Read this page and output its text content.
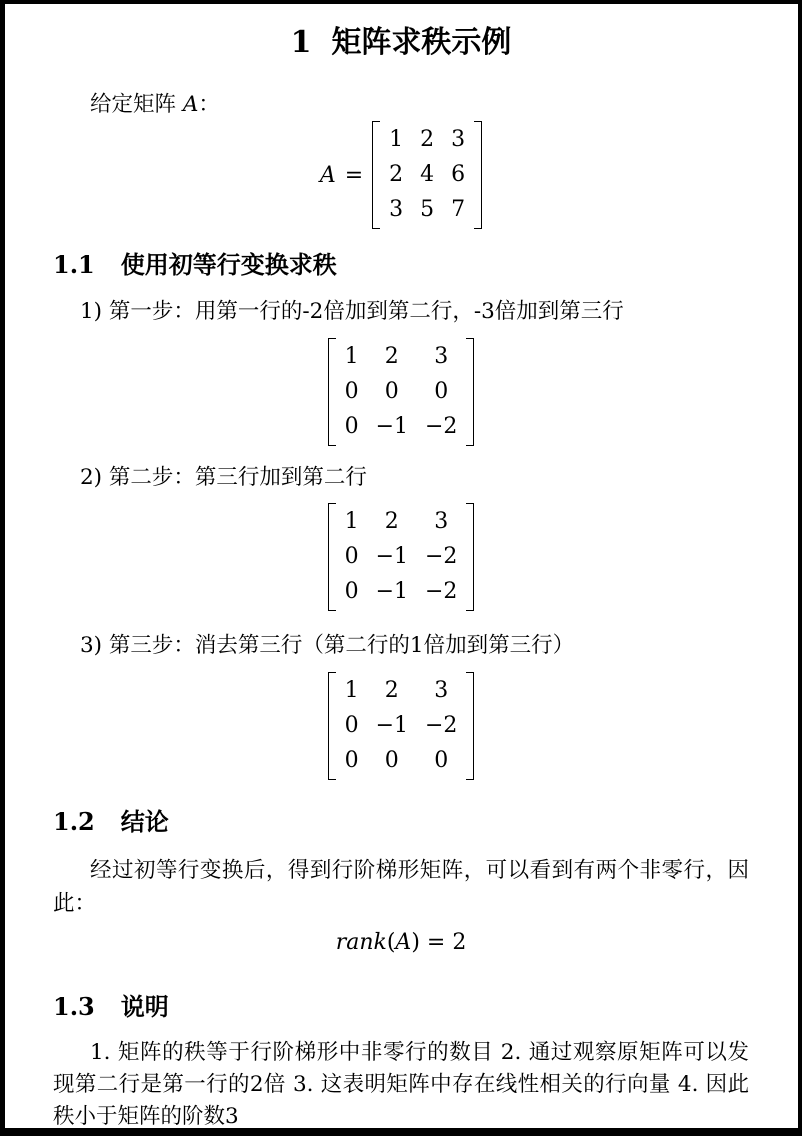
1 矩阵求秩示例

给定矩阵 A：

A =
1 2 3
2 4 6
3 5 7
1.1 使用初等行变换求秩

1) 第一步：用第一行的-2倍加到第二行，-3倍加到第三行

1	2	3
0	0	0
0 −1 −2

2) 第二步：第三行加到第二行

1	2	3
0 −1 −2
0 −1 −2

3) 第三步：消去第三行（第二行的1倍加到第三行）

1	2	3
0 −1 −2
0	0	0
1.2 结论

经过初等行变换后，得到行阶梯形矩阵，可以看到有两个非零行，因此：

rank(A) = 2
1.3 说明

1. 矩阵的秩等于行阶梯形中非零行的数目 2. 通过观察原矩阵可以发现第二行是第一行的2倍 3. 这表明矩阵中存在线性相关的行向量 4. 因此秩小于矩阵的阶数3
